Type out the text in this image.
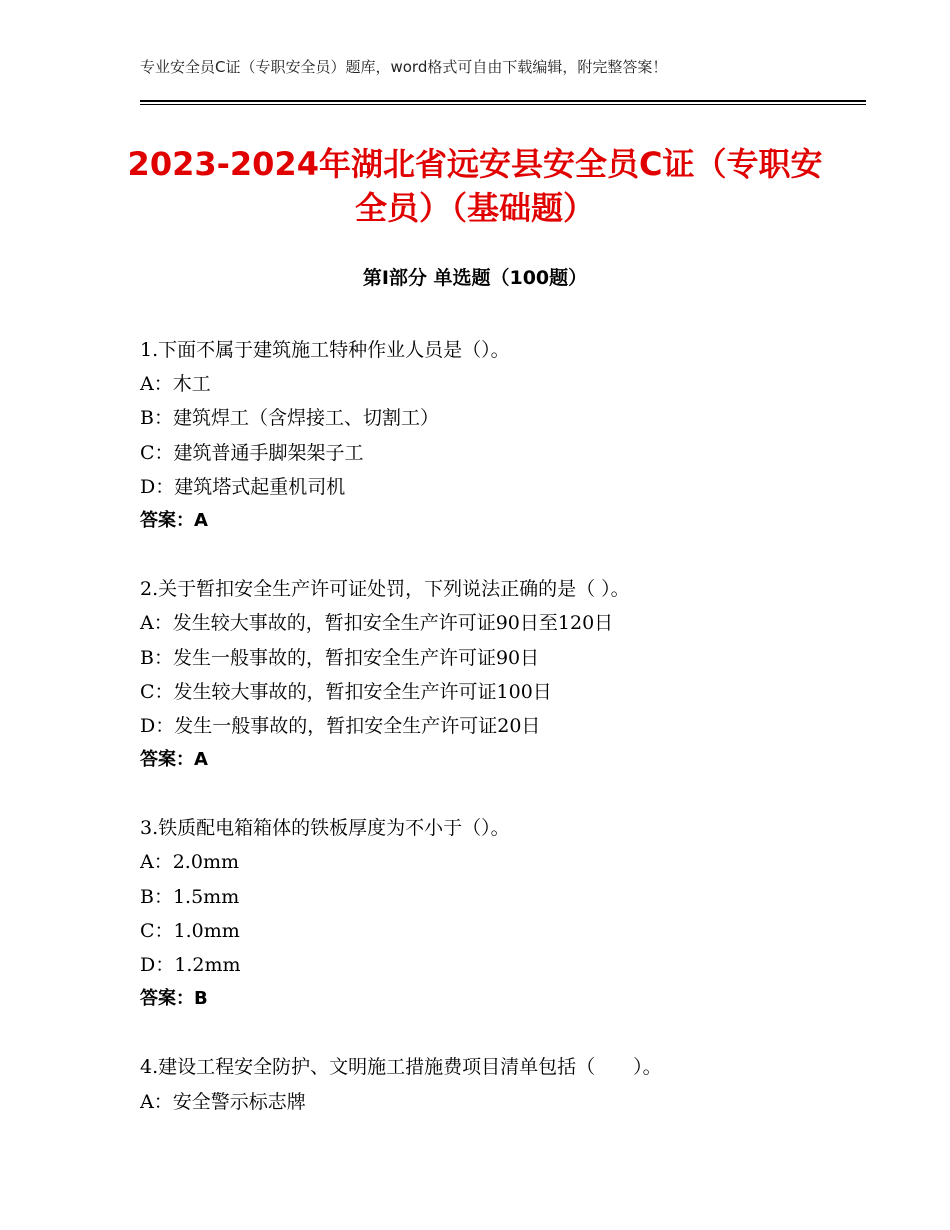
专业安全员C证（专职安全员）题库，word格式可自由下载编辑，附完整答案！
2023-2024年湖北省远安县安全员C证（专职安全员）（基础题）
第Ⅰ部分 单选题（100题）
1.下面不属于建筑施工特种作业人员是（）。
A：木工
B：建筑焊工（含焊接工、切割工）
C：建筑普通手脚架架子工
D：建筑塔式起重机司机
答案：A
2.关于暂扣安全生产许可证处罚，下列说法正确的是（ ）。
A：发生较大事故的，暂扣安全生产许可证90日至120日
B：发生一般事故的，暂扣安全生产许可证90日
C：发生较大事故的，暂扣安全生产许可证100日
D：发生一般事故的，暂扣安全生产许可证20日
答案：A
3.铁质配电箱箱体的铁板厚度为不小于（）。
A：2.0mm
B：1.5mm
C：1.0mm
D：1.2mm
答案：B
4.建设工程安全防护、文明施工措施费项目清单包括（　　）。
A：安全警示标志牌
